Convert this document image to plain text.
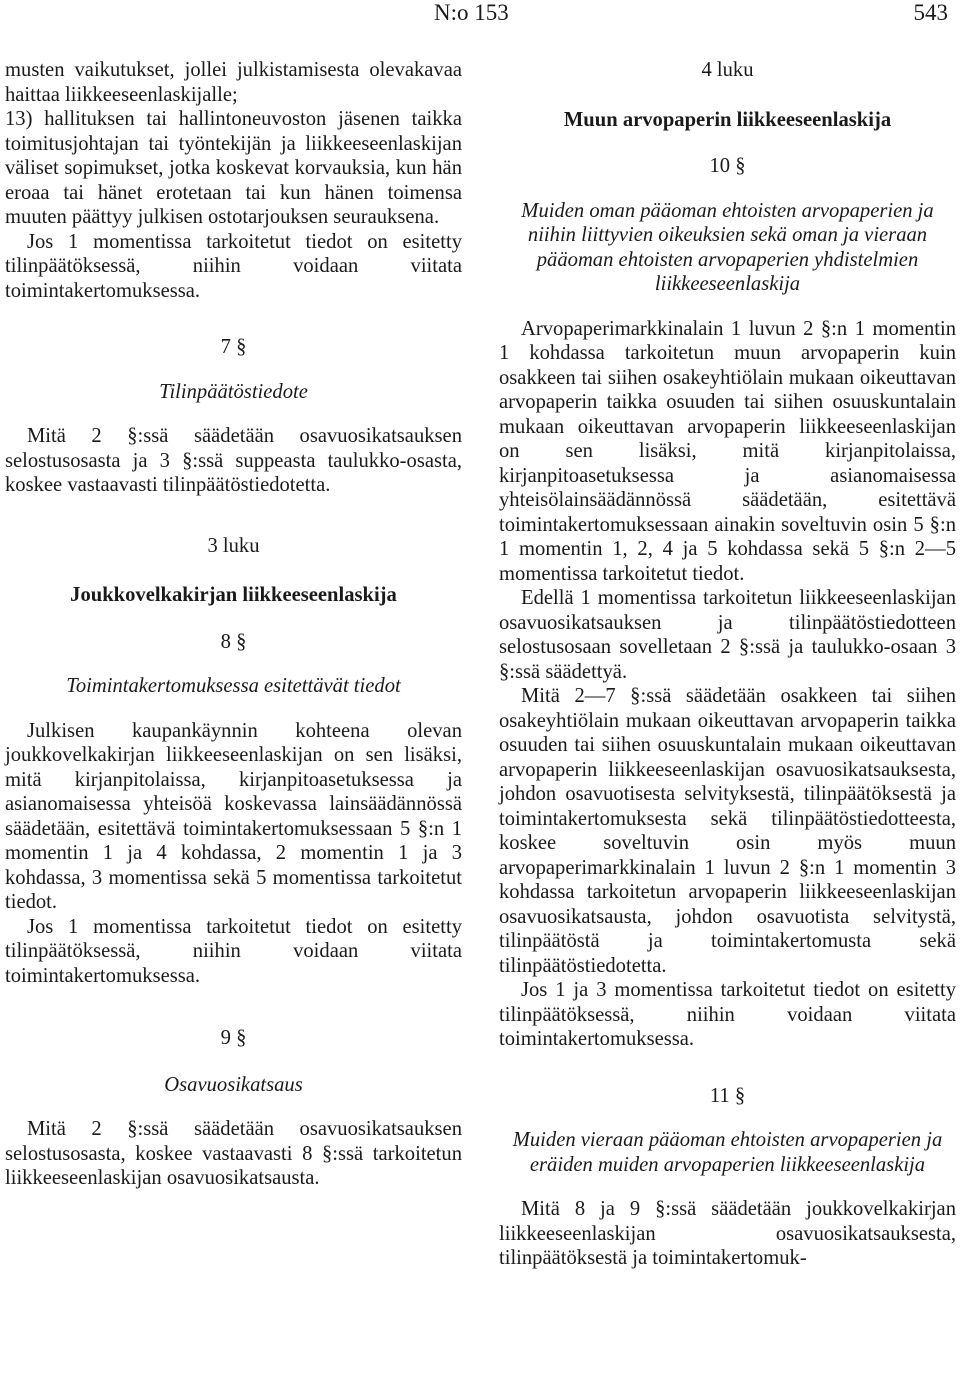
N:o 153	543

musten vaikutukset, jollei julkistamisesta olevakavaa haittaa liikkeeseenlaskijalle;

13) hallituksen tai hallintoneuvoston jäsenen taikka toimitusjohtajan tai työntekijän ja liikkeeseenlaskijan väliset sopimukset, jotka koskevat korvauksia, kun hän eroaa tai hänet erotetaan tai kun hänen toimensa muuten päättyy julkisen ostotarjouksen seurauksena.

Jos 1 momentissa tarkoitetut tiedot on esitetty tilinpäätöksessä, niihin voidaan viitata toimintakertomuksessa.

7 §

Tilinpäätöstiedote

Mitä 2 §:ssä säädetään osavuosikatsauksen selostusosasta ja 3 §:ssä suppeasta taulukko-osasta, koskee vastaavasti tilinpäätöstiedotetta.

3 luku

Joukkovelkakirjan liikkeeseenlaskija

8 §

Toimintakertomuksessa esitettävät tiedot

Julkisen kaupankäynnin kohteena olevan joukkovelkakirjan liikkeeseenlaskijan on sen lisäksi, mitä kirjanpitolaissa, kirjanpitoasetuksessa ja asianomaisessa yhteisöä koskevassa lainsäädännössä säädetään, esitettävä toimintakertomuksessaan 5 §:n 1 momentin 1 ja 4 kohdassa, 2 momentin 1 ja 3 kohdassa, 3 momentissa sekä 5 momentissa tarkoitetut tiedot.

Jos 1 momentissa tarkoitetut tiedot on esitetty tilinpäätöksessä, niihin voidaan viitata toimintakertomuksessa.

9 §

Osavuosikatsaus

Mitä 2 §:ssä säädetään osavuosikatsauksen selostusosasta, koskee vastaavasti 8 §:ssä tarkoitetun liikkeeseenlaskijan osavuosikatsausta.

4 luku

Muun arvopaperin liikkeeseenlaskija

10 §

Muiden oman pääoman ehtoisten arvopaperien ja niihin liittyvien oikeuksien sekä oman ja vieraan pääoman ehtoisten arvopaperien yhdistelmien liikkeeseenlaskija

Arvopaperimarkkinalain 1 luvun 2 §:n 1 momentin 1 kohdassa tarkoitetun muun arvopaperin kuin osakkeen tai siihen osakeyhtiölain mukaan oikeuttavan arvopaperin taikka osuuden tai siihen osuuskuntalain mukaan oikeuttavan arvopaperin liikkeeseenlaskijan on sen lisäksi, mitä kirjanpitolaissa, kirjanpitoasetuksessa ja asianomaisessa yhteisölainsäädännössä säädetään, esitettävä toimintakertomuksessaan ainakin soveltuvin osin 5 §:n 1 momentin 1, 2, 4 ja 5 kohdassa sekä 5 §:n 2—5 momentissa tarkoitetut tiedot.

Edellä 1 momentissa tarkoitetun liikkeeseenlaskijan osavuosikatsauksen ja tilinpäätöstiedotteen selostusosaan sovelletaan 2 §:ssä ja taulukko-osaan 3 §:ssä säädettyä.

Mitä 2—7 §:ssä säädetään osakkeen tai siihen osakeyhtiölain mukaan oikeuttavan arvopaperin taikka osuuden tai siihen osuuskuntalain mukaan oikeuttavan arvopaperin liikkeeseenlaskijan osavuosikatsauksesta, johdon osavuotisesta selvityksestä, tilinpäätöksestä ja toimintakertomuksesta sekä tilinpäätöstiedotteesta, koskee soveltuvin osin myös muun arvopaperimarkkinalain 1 luvun 2 §:n 1 momentin 3 kohdassa tarkoitetun arvopaperin liikkeeseenlaskijan osavuosikatsausta, johdon osavuotista selvitystä, tilinpäätöstä ja toimintakertomusta sekä tilinpäätöstiedotetta.

Jos 1 ja 3 momentissa tarkoitetut tiedot on esitetty tilinpäätöksessä, niihin voidaan viitata toimintakertomuksessa.

11 §

Muiden vieraan pääoman ehtoisten arvopaperien ja eräiden muiden arvopaperien liikkeeseenlaskija

Mitä 8 ja 9 §:ssä säädetään joukkovelkakirjan liikkeeseenlaskijan osavuosikatsauksesta, tilinpäätöksestä ja toimintakertomuk-
